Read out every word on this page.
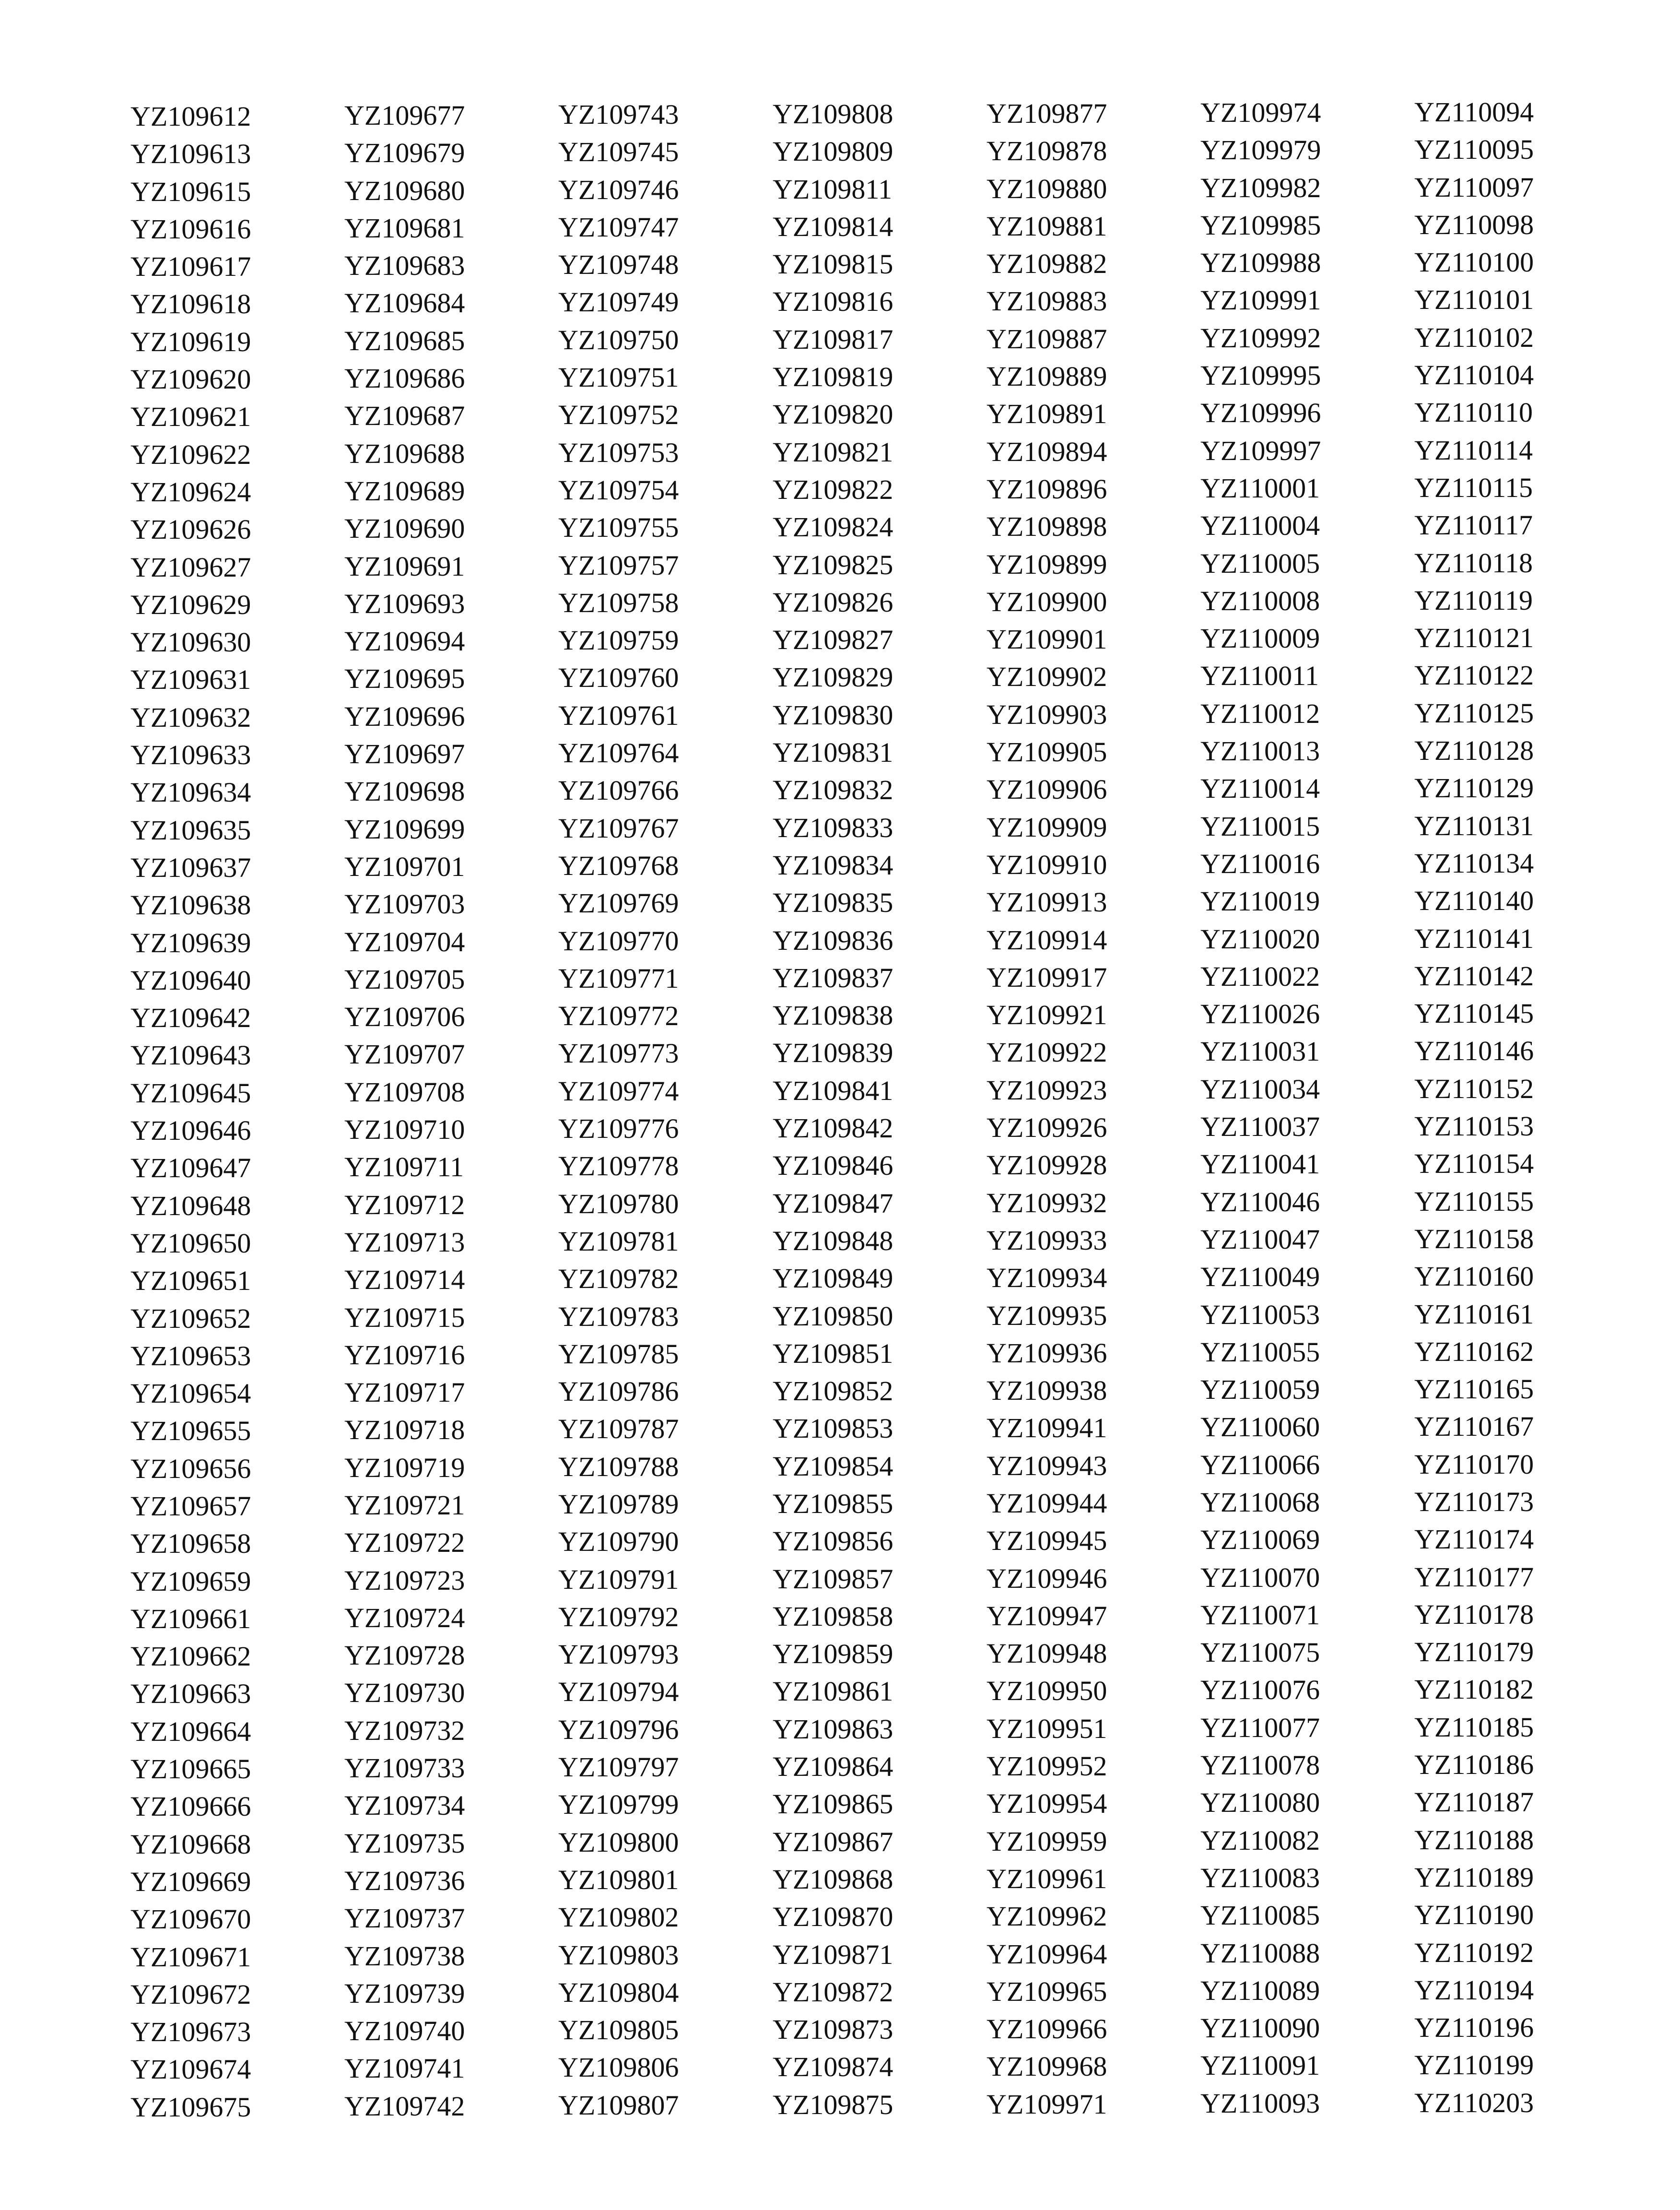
YZ109612
YZ109613
YZ109615
YZ109616
YZ109617
YZ109618
YZ109619
YZ109620
YZ109621
YZ109622
YZ109624
YZ109626
YZ109627
YZ109629
YZ109630
YZ109631
YZ109632
YZ109633
YZ109634
YZ109635
YZ109637
YZ109638
YZ109639
YZ109640
YZ109642
YZ109643
YZ109645
YZ109646
YZ109647
YZ109648
YZ109650
YZ109651
YZ109652
YZ109653
YZ109654
YZ109655
YZ109656
YZ109657
YZ109658
YZ109659
YZ109661
YZ109662
YZ109663
YZ109664
YZ109665
YZ109666
YZ109668
YZ109669
YZ109670
YZ109671
YZ109672
YZ109673
YZ109674
YZ109675
YZ109677
YZ109679
YZ109680
YZ109681
YZ109683
YZ109684
YZ109685
YZ109686
YZ109687
YZ109688
YZ109689
YZ109690
YZ109691
YZ109693
YZ109694
YZ109695
YZ109696
YZ109697
YZ109698
YZ109699
YZ109701
YZ109703
YZ109704
YZ109705
YZ109706
YZ109707
YZ109708
YZ109710
YZ109711
YZ109712
YZ109713
YZ109714
YZ109715
YZ109716
YZ109717
YZ109718
YZ109719
YZ109721
YZ109722
YZ109723
YZ109724
YZ109728
YZ109730
YZ109732
YZ109733
YZ109734
YZ109735
YZ109736
YZ109737
YZ109738
YZ109739
YZ109740
YZ109741
YZ109742
YZ109743
YZ109745
YZ109746
YZ109747
YZ109748
YZ109749
YZ109750
YZ109751
YZ109752
YZ109753
YZ109754
YZ109755
YZ109757
YZ109758
YZ109759
YZ109760
YZ109761
YZ109764
YZ109766
YZ109767
YZ109768
YZ109769
YZ109770
YZ109771
YZ109772
YZ109773
YZ109774
YZ109776
YZ109778
YZ109780
YZ109781
YZ109782
YZ109783
YZ109785
YZ109786
YZ109787
YZ109788
YZ109789
YZ109790
YZ109791
YZ109792
YZ109793
YZ109794
YZ109796
YZ109797
YZ109799
YZ109800
YZ109801
YZ109802
YZ109803
YZ109804
YZ109805
YZ109806
YZ109807
YZ109808
YZ109809
YZ109811
YZ109814
YZ109815
YZ109816
YZ109817
YZ109819
YZ109820
YZ109821
YZ109822
YZ109824
YZ109825
YZ109826
YZ109827
YZ109829
YZ109830
YZ109831
YZ109832
YZ109833
YZ109834
YZ109835
YZ109836
YZ109837
YZ109838
YZ109839
YZ109841
YZ109842
YZ109846
YZ109847
YZ109848
YZ109849
YZ109850
YZ109851
YZ109852
YZ109853
YZ109854
YZ109855
YZ109856
YZ109857
YZ109858
YZ109859
YZ109861
YZ109863
YZ109864
YZ109865
YZ109867
YZ109868
YZ109870
YZ109871
YZ109872
YZ109873
YZ109874
YZ109875
YZ109877
YZ109878
YZ109880
YZ109881
YZ109882
YZ109883
YZ109887
YZ109889
YZ109891
YZ109894
YZ109896
YZ109898
YZ109899
YZ109900
YZ109901
YZ109902
YZ109903
YZ109905
YZ109906
YZ109909
YZ109910
YZ109913
YZ109914
YZ109917
YZ109921
YZ109922
YZ109923
YZ109926
YZ109928
YZ109932
YZ109933
YZ109934
YZ109935
YZ109936
YZ109938
YZ109941
YZ109943
YZ109944
YZ109945
YZ109946
YZ109947
YZ109948
YZ109950
YZ109951
YZ109952
YZ109954
YZ109959
YZ109961
YZ109962
YZ109964
YZ109965
YZ109966
YZ109968
YZ109971
YZ109974
YZ109979
YZ109982
YZ109985
YZ109988
YZ109991
YZ109992
YZ109995
YZ109996
YZ109997
YZ110001
YZ110004
YZ110005
YZ110008
YZ110009
YZ110011
YZ110012
YZ110013
YZ110014
YZ110015
YZ110016
YZ110019
YZ110020
YZ110022
YZ110026
YZ110031
YZ110034
YZ110037
YZ110041
YZ110046
YZ110047
YZ110049
YZ110053
YZ110055
YZ110059
YZ110060
YZ110066
YZ110068
YZ110069
YZ110070
YZ110071
YZ110075
YZ110076
YZ110077
YZ110078
YZ110080
YZ110082
YZ110083
YZ110085
YZ110088
YZ110089
YZ110090
YZ110091
YZ110093
YZ110094
YZ110095
YZ110097
YZ110098
YZ110100
YZ110101
YZ110102
YZ110104
YZ110110
YZ110114
YZ110115
YZ110117
YZ110118
YZ110119
YZ110121
YZ110122
YZ110125
YZ110128
YZ110129
YZ110131
YZ110134
YZ110140
YZ110141
YZ110142
YZ110145
YZ110146
YZ110152
YZ110153
YZ110154
YZ110155
YZ110158
YZ110160
YZ110161
YZ110162
YZ110165
YZ110167
YZ110170
YZ110173
YZ110174
YZ110177
YZ110178
YZ110179
YZ110182
YZ110185
YZ110186
YZ110187
YZ110188
YZ110189
YZ110190
YZ110192
YZ110194
YZ110196
YZ110199
YZ110203
